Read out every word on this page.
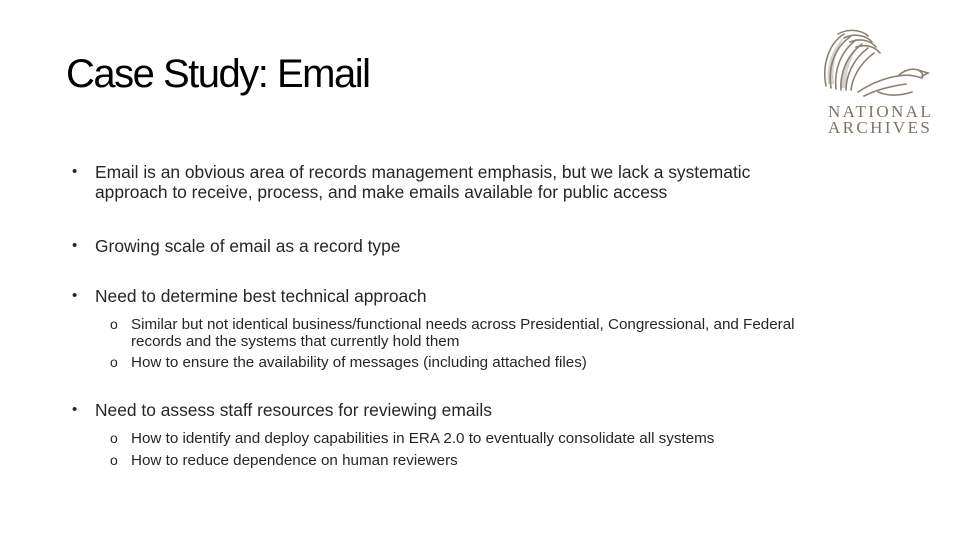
Case Study: Email
NATIONAL
ARCHIVES
• Email is an obvious area of records management emphasis, but we lack a systematic approach to receive, process, and make emails available for public access
• Growing scale of email as a record type
• Need to determine best technical approach
o Similar but not identical business/functional needs across Presidential, Congressional, and Federal records and the systems that currently hold them
o How to ensure the availability of messages (including attached files)
• Need to assess staff resources for reviewing emails
o How to identify and deploy capabilities in ERA 2.0 to eventually consolidate all systems
o How to reduce dependence on human reviewers
